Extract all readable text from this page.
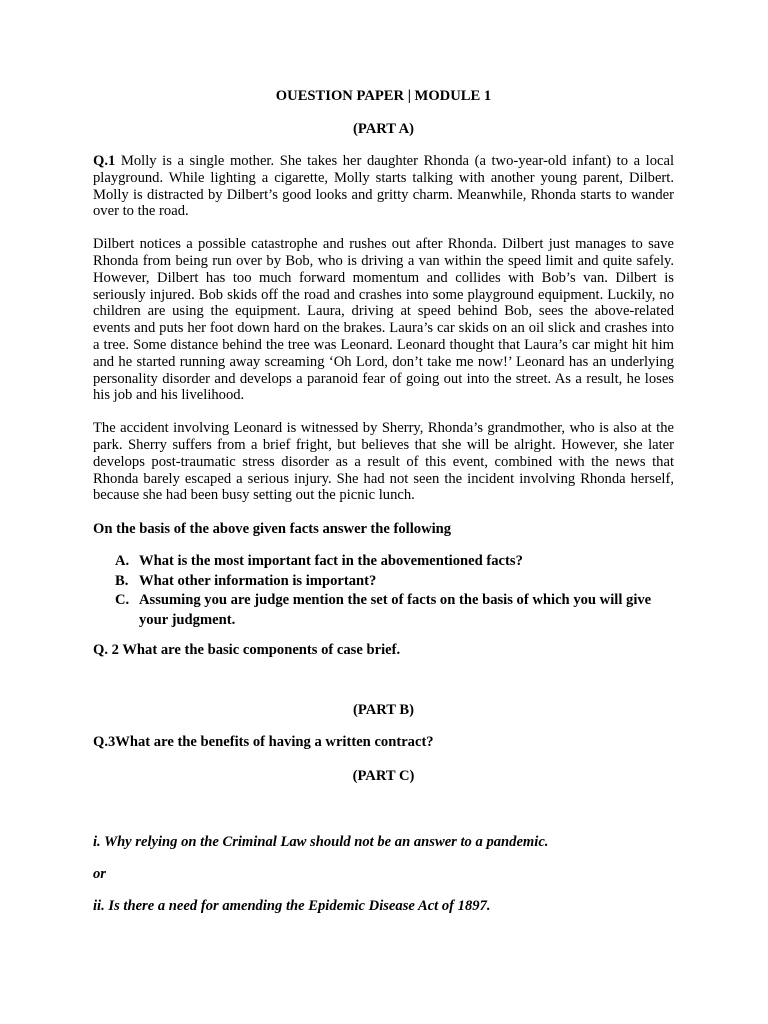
OUESTION PAPER | MODULE 1
(PART A)

Q.1 Molly is a single mother. She takes her daughter Rhonda (a two-year-old infant) to a local playground. While lighting a cigarette, Molly starts talking with another young parent, Dilbert. Molly is distracted by Dilbert’s good looks and gritty charm. Meanwhile, Rhonda starts to wander over to the road.

Dilbert notices a possible catastrophe and rushes out after Rhonda. Dilbert just manages to save Rhonda from being run over by Bob, who is driving a van within the speed limit and quite safely. However, Dilbert has too much forward momentum and collides with Bob’s van. Dilbert is seriously injured. Bob skids off the road and crashes into some playground equipment. Luckily, no children are using the equipment. Laura, driving at speed behind Bob, sees the above-related events and puts her foot down hard on the brakes. Laura’s car skids on an oil slick and crashes into a tree. Some distance behind the tree was Leonard. Leonard thought that Laura’s car might hit him and he started running away screaming ‘Oh Lord, don’t take me now!’ Leonard has an underlying personality disorder and develops a paranoid fear of going out into the street. As a result, he loses his job and his livelihood.

The accident involving Leonard is witnessed by Sherry, Rhonda’s grandmother, who is also at the park. Sherry suffers from a brief fright, but believes that she will be alright. However, she later develops post-traumatic stress disorder as a result of this event, combined with the news that Rhonda barely escaped a serious injury. She had not seen the incident involving Rhonda herself, because she had been busy setting out the picnic lunch.

On the basis of the above given facts answer the following
A. What is the most important fact in the abovementioned facts?
B. What other information is important?
C. Assuming you are judge mention the set of facts on the basis of which you will give your judgment.
Q. 2 What are the basic components of case brief.
(PART B)
Q.3What are the benefits of having a written contract?
(PART C)
i. Why relying on the Criminal Law should not be an answer to a pandemic.
or
ii. Is there a need for amending the Epidemic Disease Act of 1897.
